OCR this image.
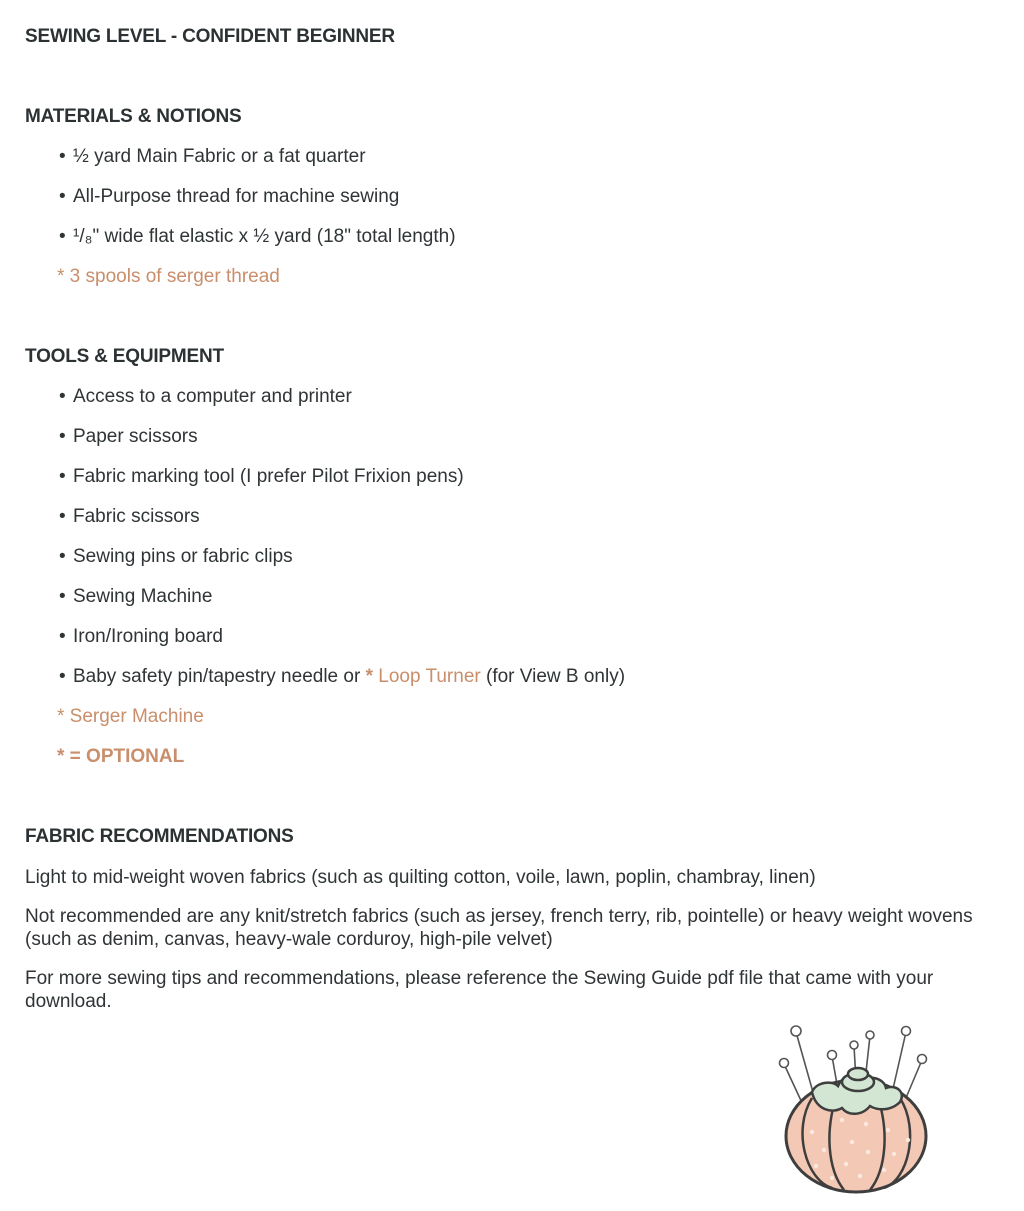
SEWING LEVEL - CONFIDENT BEGINNER
MATERIALS & NOTIONS
• ½ yard Main Fabric or a fat quarter
• All-Purpose thread for machine sewing
• ¹/₈" wide flat elastic x ½ yard (18" total length)
* 3 spools of serger thread
TOOLS & EQUIPMENT
• Access to a computer and printer
• Paper scissors
• Fabric marking tool (I prefer Pilot Frixion pens)
• Fabric scissors
• Sewing pins or fabric clips
• Sewing Machine
• Iron/Ironing board
• Baby safety pin/tapestry needle or * Loop Turner (for View B only)
* Serger Machine
* = OPTIONAL
FABRIC RECOMMENDATIONS

Light to mid-weight woven fabrics (such as quilting cotton, voile, lawn, poplin, chambray, linen)

Not recommended are any knit/stretch fabrics (such as jersey, french terry, rib, pointelle) or heavy weight wovens (such as denim, canvas, heavy-wale corduroy, high-pile velvet)

For more sewing tips and recommendations, please reference the Sewing Guide pdf file that came with your download.
